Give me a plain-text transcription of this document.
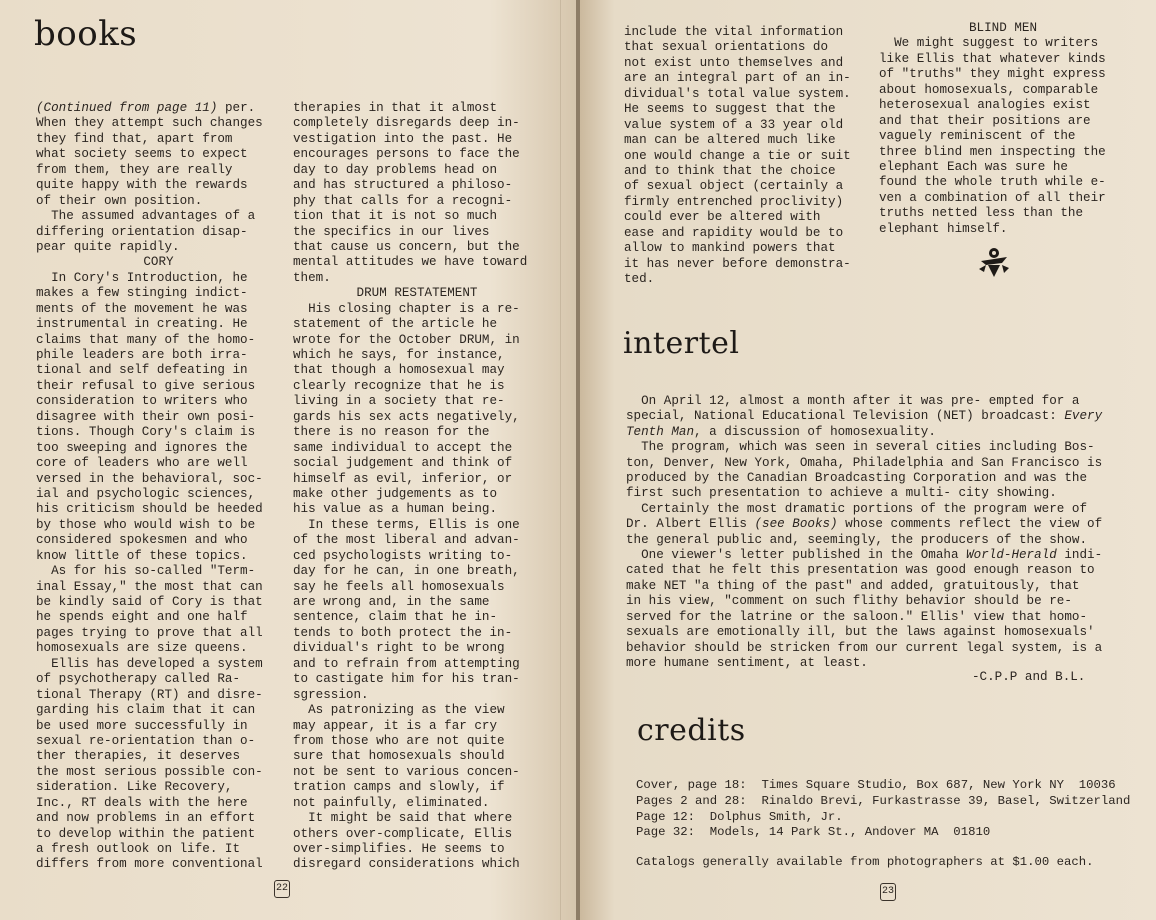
books
(Continued from page 11) per.
When they attempt such changes
they find that, apart from
what society seems to expect
from them, they are really
quite happy with the rewards
of their own position.
The assumed advantages of a
differing orientation disap-
pear quite rapidly.
CORY
In Cory's Introduction, he
makes a few stinging indict-
ments of the movement he was
instrumental in creating. He
claims that many of the homo-
phile leaders are both irra-
tional and self defeating in
their refusal to give serious
consideration to writers who
disagree with their own posi-
tions. Though Cory's claim is
too sweeping and ignores the
core of leaders who are well
versed in the behavioral, soc-
ial and psychologic sciences,
his criticism should be heeded
by those who would wish to be
considered spokesmen and who
know little of these topics.
As for his so-called "Term-
inal Essay," the most that can
be kindly said of Cory is that
he spends eight and one half
pages trying to prove that all
homosexuals are size queens.
Ellis has developed a system
of psychotherapy called Ra-
tional Therapy (RT) and disre-
garding his claim that it can
be used more successfully in
sexual re-orientation than o-
ther therapies, it deserves
the most serious possible con-
sideration. Like Recovery,
Inc., RT deals with the here
and now problems in an effort
to develop within the patient
a fresh outlook on life. It
differs from more conventional
therapies in that it almost
completely disregards deep in-
vestigation into the past. He
encourages persons to face the
day to day problems head on
and has structured a philoso-
phy that calls for a recogni-
tion that it is not so much
the specifics in our lives
that cause us concern, but the
mental attitudes we have toward
them.
DRUM RESTATEMENT
His closing chapter is a re-
statement of the article he
wrote for the October DRUM, in
which he says, for instance,
that though a homosexual may
clearly recognize that he is
living in a society that re-
gards his sex acts negatively,
there is no reason for the
same individual to accept the
social judgement and think of
himself as evil, inferior, or
make other judgements as to
his value as a human being.
In these terms, Ellis is one
of the most liberal and advan-
ced psychologists writing to-
day for he can, in one breath,
say he feels all homosexuals
are wrong and, in the same
sentence, claim that he in-
tends to both protect the in-
dividual's right to be wrong
and to refrain from attempting
to castigate him for his tran-
sgression.
As patronizing as the view
may appear, it is a far cry
from those who are not quite
sure that homosexuals should
not be sent to various concen-
tration camps and slowly, if
not painfully, eliminated.
It might be said that where
others over-complicate, Ellis
over-simplifies. He seems to
disregard considerations which
22
include the vital information
that sexual orientations do
not exist unto themselves and
are an integral part of an in-
dividual's total value system.
He seems to suggest that the
value system of a 33 year old
man can be altered much like
one would change a tie or suit
and to think that the choice
of sexual object (certainly a
firmly entrenched proclivity)
could ever be altered with
ease and rapidity would be to
allow to mankind powers that
it has never before demonstra-
ted.
BLIND MEN
We might suggest to writers
like Ellis that whatever kinds
of "truths" they might express
about homosexuals, comparable
heterosexual analogies exist
and that their positions are
vaguely reminiscent of the
three blind men inspecting the
elephant Each was sure he
found the whole truth while e-
ven a combination of all their
truths netted less than the
elephant himself.
intertel
On April 12, almost a month after it was pre- empted for a
special, National Educational Television (NET) broadcast: Every
Tenth Man, a discussion of homosexuality.
The program, which was seen in several cities including Bos-
ton, Denver, New York, Omaha, Philadelphia and San Francisco is
produced by the Canadian Broadcasting Corporation and was the
first such presentation to achieve a multi- city showing.
Certainly the most dramatic portions of the program were of
Dr. Albert Ellis (see Books) whose comments reflect the view of
the general public and, seemingly, the producers of the show.
One viewer's letter published in the Omaha World-Herald indi-
cated that he felt this presentation was good enough reason to
make NET "a thing of the past" and added, gratuitously, that
in his view, "comment on such flithy behavior should be re-
served for the latrine or the saloon." Ellis' view that homo-
sexuals are emotionally ill, but the laws against homosexuals'
behavior should be stricken from our current legal system, is a
more humane sentiment, at least.
-C.P.P and B.L.
credits
Cover, page 18:  Times Square Studio, Box 687, New York NY  10036
Pages 2 and 28:  Rinaldo Brevi, Furkastrasse 39, Basel, Switzerland
Page 12:  Dolphus Smith, Jr.
Page 32:  Models, 14 Park St., Andover MA  01810
Catalogs generally available from photographers at $1.00 each.
23
